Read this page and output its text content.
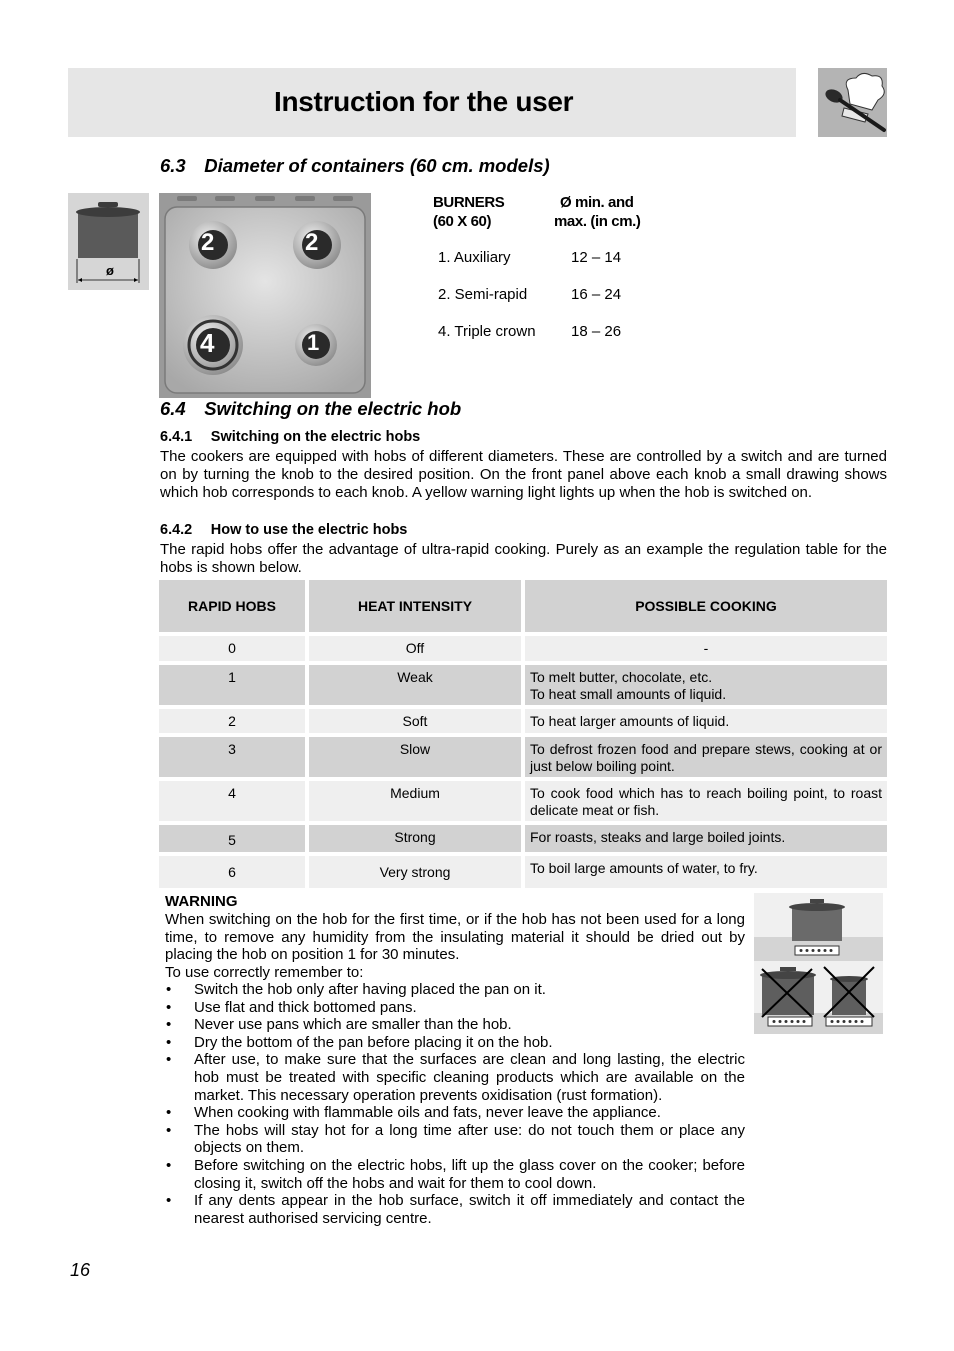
Instruction for the user
6.3 Diameter of containers (60 cm. models)
ø
2	2
4	1
BURNERS
(60 X 60)
Ø min. and
max. (in cm.)
1. Auxiliary	12 – 14
2. Semi-rapid	16 – 24
4. Triple crown 18 – 26
6.4 Switching on the electric hob
6.4.1  Switching on the electric hobs
The cookers are equipped with hobs of different diameters. These are controlled by a switch and are turned on by turning the knob to the desired position. On the front panel above each knob a small drawing shows which hob corresponds to each knob. A yellow warning light lights up when the hob is switched on.
6.4.2  How to use the electric hobs
The rapid hobs offer the advantage of ultra-rapid cooking. Purely as an example the regulation table for the hobs is shown below.
RAPID HOBS	HEAT INTENSITY	POSSIBLE COOKING
0	Off	-
1	Weak	To melt butter, chocolate, etc.
To heat small amounts of liquid.
2	Soft	To heat larger amounts of liquid.
3	Slow	To defrost frozen food and prepare stews, cooking at or just below boiling point.
4	Medium	To cook food which has to reach boiling point, to roast delicate meat or fish.
5	Strong	For roasts, steaks and large boiled joints.
6	Very strong	To boil large amounts of water, to fry.
WARNING
When switching on the hob for the first time, or if the hob has not been used for a long time, to remove any humidity from the insulating material it should be dried out by placing the hob on position 1 for 30 minutes.
To use correctly remember to:
• Switch the hob only after having placed the pan on it.
• Use flat and thick bottomed pans.
• Never use pans which are smaller than the hob.
• Dry the bottom of the pan before placing it on the hob.
• After use, to make sure that the surfaces are clean and long lasting, the electric hob must be treated with specific cleaning products which are available on the market. This necessary operation prevents oxidisation (rust formation).
• When cooking with flammable oils and fats, never leave the appliance.
• The hobs will stay hot for a long time after use: do not touch them or place any objects on them.
• Before switching on the electric hobs, lift up the glass cover on the cooker; before closing it, switch off the hobs and wait for them to cool down.
• If any dents appear in the hob surface, switch it off immediately and contact the nearest authorised servicing centre.
16
